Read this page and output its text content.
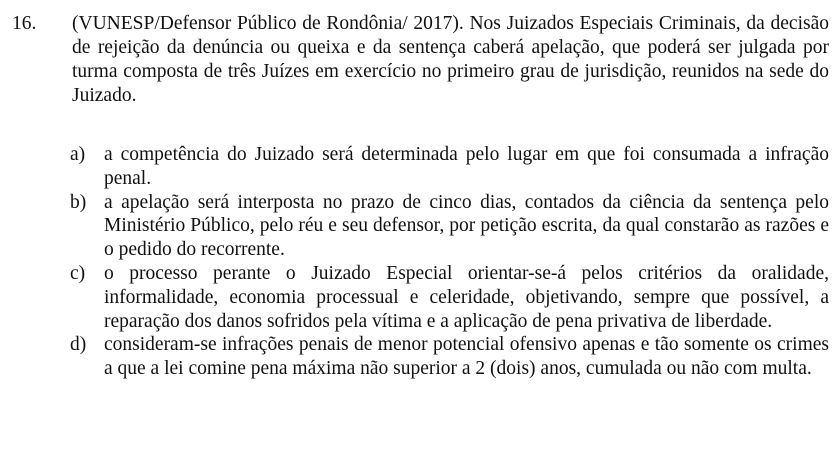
16. (VUNESP/Defensor Público de Rondônia/ 2017). Nos Juizados Especiais Criminais, da decisão de rejeição da denúncia ou queixa e da sentença caberá apelação, que poderá ser julgada por turma composta de três Juízes em exercício no primeiro grau de jurisdição, reunidos na sede do Juizado.

a) a competência do Juizado será determinada pelo lugar em que foi consumada a infração penal.
b) a apelação será interposta no prazo de cinco dias, contados da ciência da sentença pelo Ministério Público, pelo réu e seu defensor, por petição escrita, da qual constarão as razões e o pedido do recorrente.
c) o processo perante o Juizado Especial orientar-se-á pelos critérios da oralidade, informalidade, economia processual e celeridade, objetivando, sempre que possível, a reparação dos danos sofridos pela vítima e a aplicação de pena privativa de liberdade.
d) consideram-se infrações penais de menor potencial ofensivo apenas e tão somente os crimes a que a lei comine pena máxima não superior a 2 (dois) anos, cumulada ou não com multa.
